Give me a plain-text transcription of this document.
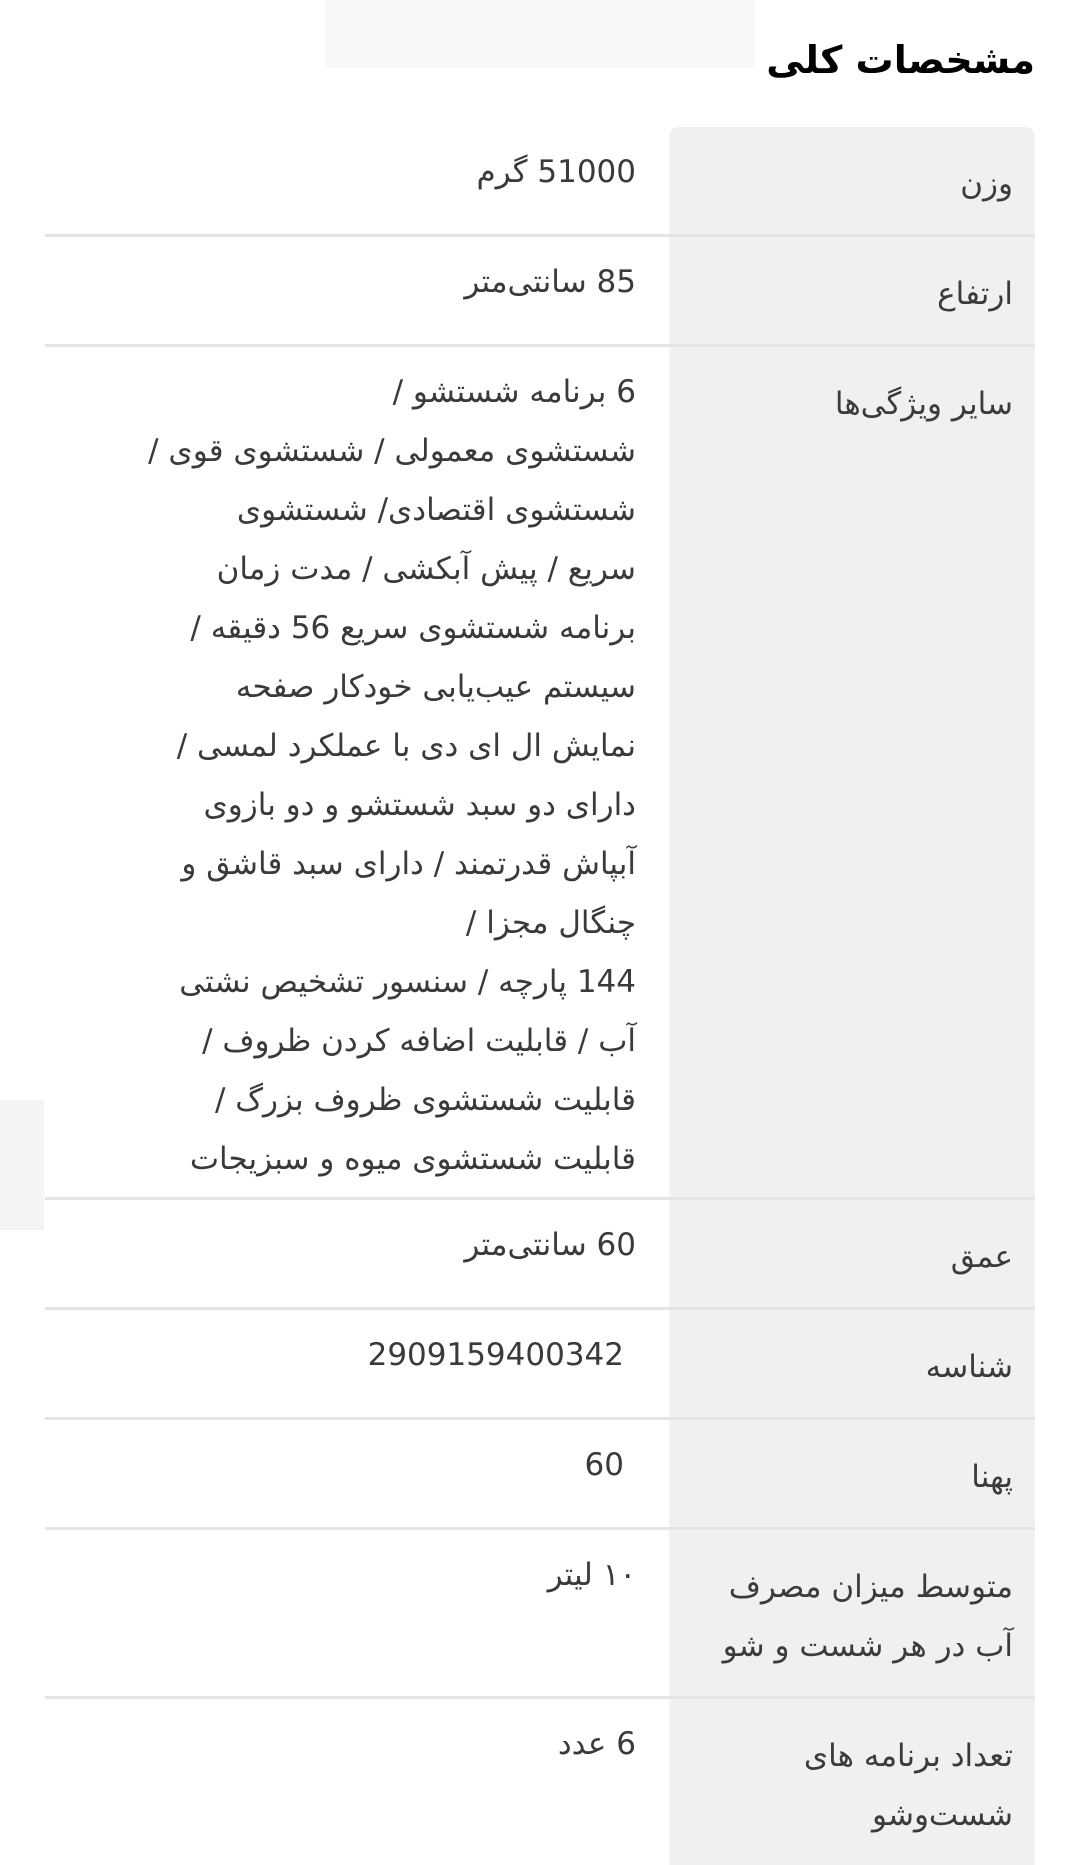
مشخصات کلی
وزن
51000 گرم
ارتفاع
85 سانتی‌متر
سایر ویژگی‌ها
6 برنامه شستشو /
شستشوی معمولی / شستشوی قوی /
شستشوی اقتصادی/ شستشوی
سریع / پیش آبکشی / مدت زمان
برنامه شستشوی سریع 56 دقیقه /
سیستم عیب‌یابی خودکار صفحه
نمایش ال ای دی با عملکرد لمسی /
دارای دو سبد شستشو و دو بازوی
آبپاش قدرتمند / دارای سبد قاشق و
چنگال مجزا /
144 پارچه / سنسور تشخیص نشتی
آب / قابلیت اضافه کردن ظروف /
قابلیت شستشوی ظروف بزرگ /
قابلیت شستشوی میوه و سبزیجات
عمق
60 سانتی‌متر
شناسه
2909159400342
پهنا
60
متوسط میزان مصرف
آب در هر شست و شو
۱۰ لیتر
تعداد برنامه های
شست‌وشو
6 عدد
